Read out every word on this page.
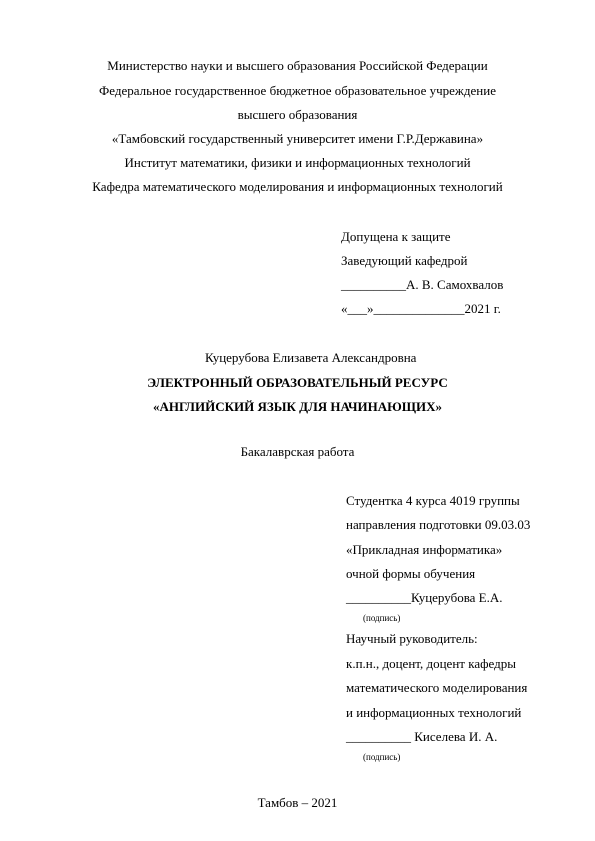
Министерство науки и высшего образования Российской Федерации
Федеральное государственное бюджетное образовательное учреждение
высшего образования
«Тамбовский государственный университет имени Г.Р.Державина»
Институт математики, физики и информационных технологий
Кафедра математического моделирования и информационных технологий
Допущена к защите
Заведующий кафедрой
__________А. В. Самохвалов
«___»______________2021 г.
Куцерубова Елизавета Александровна
ЭЛЕКТРОННЫЙ ОБРАЗОВАТЕЛЬНЫЙ РЕСУРС
«АНГЛИЙСКИЙ ЯЗЫК ДЛЯ НАЧИНАЮЩИХ»
Бакалаврская работа
Студентка 4 курса 4019 группы
направления подготовки 09.03.03
«Прикладная информатика»
очной формы обучения
__________Куцерубова Е.А.
(подпись)
Научный руководитель:
к.п.н., доцент, доцент кафедры
математического моделирования
и информационных технологий
__________ Киселева И. А.
(подпись)
Тамбов – 2021
